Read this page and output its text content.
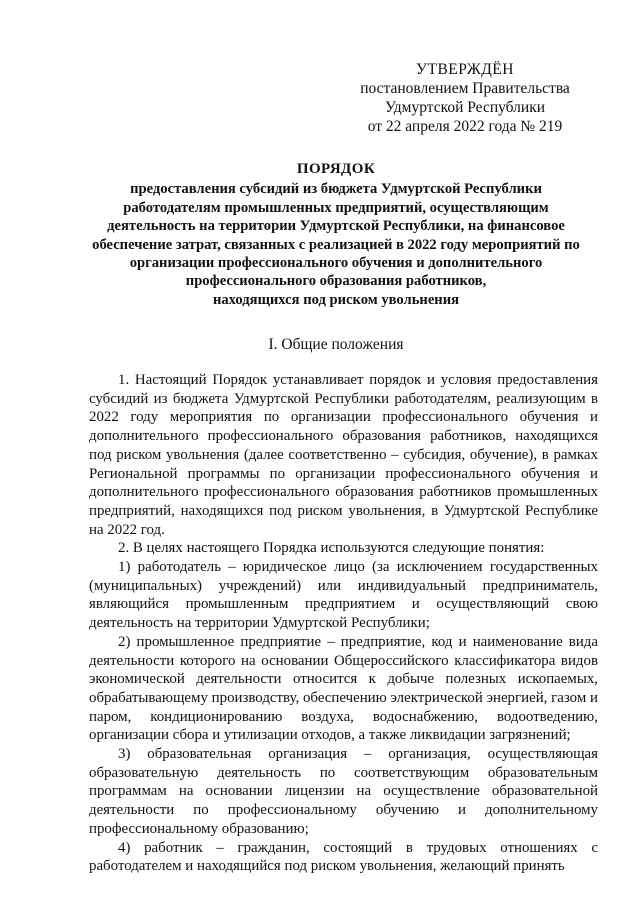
УТВЕРЖДЁН
постановлением Правительства
Удмуртской Республики
от 22 апреля 2022 года № 219
ПОРЯДОК
предоставления субсидий из бюджета Удмуртской Республики
работодателям промышленных предприятий, осуществляющим
деятельность на территории Удмуртской Республики, на финансовое
обеспечение затрат, связанных с реализацией в 2022 году мероприятий по
организации профессионального обучения и дополнительного
профессионального образования работников,
находящихся под риском увольнения
I. Общие положения

1. Настоящий Порядок устанавливает порядок и условия предоставления субсидий из бюджета Удмуртской Республики работодателям, реализующим в 2022 году мероприятия по организации профессионального обучения и дополнительного профессионального образования работников, находящихся под риском увольнения (далее соответственно – субсидия, обучение), в рамках Региональной программы по организации профессионального обучения и дополнительного профессионального образования работников промышленных предприятий, находящихся под риском увольнения, в Удмуртской Республике на 2022 год.

2. В целях настоящего Порядка используются следующие понятия:

1) работодатель – юридическое лицо (за исключением государственных (муниципальных) учреждений) или индивидуальный предприниматель, являющийся промышленным предприятием и осуществляющий свою деятельность на территории Удмуртской Республики;

2) промышленное предприятие – предприятие, код и наименование вида деятельности которого на основании Общероссийского классификатора видов экономической деятельности относится к добыче полезных ископаемых, обрабатывающему производству, обеспечению электрической энергией, газом и паром, кондиционированию воздуха, водоснабжению, водоотведению, организации сбора и утилизации отходов, а также ликвидации загрязнений;

3) образовательная организация – организация, осуществляющая образовательную деятельность по соответствующим образовательным программам на основании лицензии на осуществление образовательной деятельности по профессиональному обучению и дополнительному профессиональному образованию;

4) работник – гражданин, состоящий в трудовых отношениях с работодателем и находящийся под риском увольнения, желающий принять
